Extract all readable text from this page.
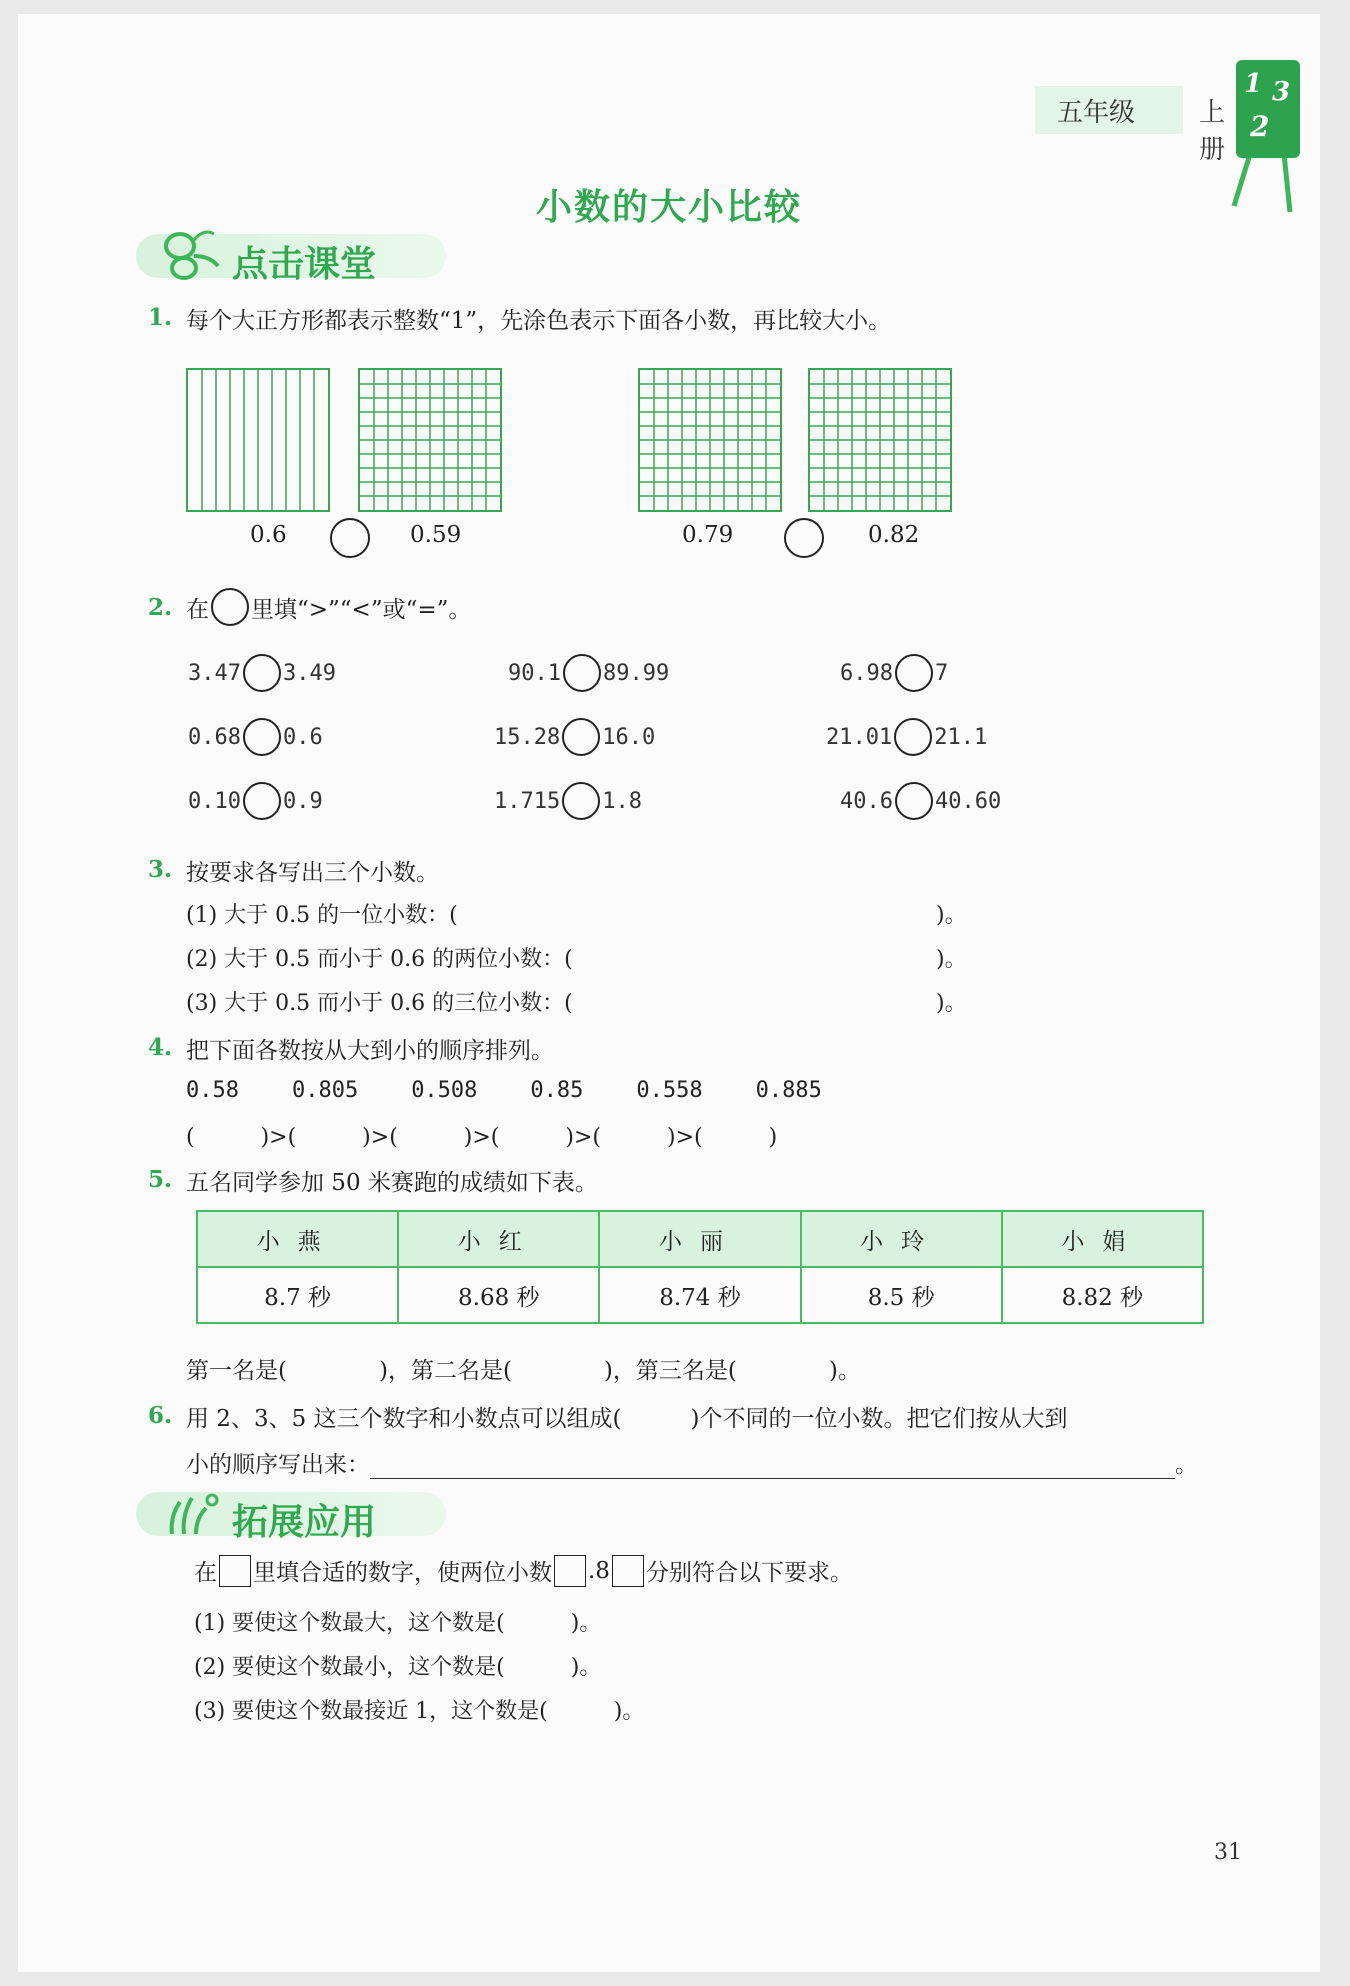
五年级 上册
1 3
2
小数的大小比较
点击课堂
1. 每个大正方形都表示整数“1”，先涂色表示下面各小数，再比较大小。
0.6	0.59	0.79	0.82
2. 在 里填“>”“<”或“=”。
3.47 3.49	90.1 89.99	6.98 7
0.68 0.6	15.28 16.0	21.01 21.1
0.10 0.9	1.715 1.8	40.6 40.60
3. 按要求各写出三个小数。
(1) 大于 0.5 的一位小数：(	)。
(2) 大于 0.5 而小于 0.6 的两位小数：(	)。
(3) 大于 0.5 而小于 0.6 的三位小数：(	)。
4. 把下面各数按从大到小的顺序排列。
0.58 0.805 0.508 0.85 0.558 0.885
(　　　)>(　　　)>(　　　)>(　　　)>(　　　)>(　　　)
5. 五名同学参加 50 米赛跑的成绩如下表。
小燕	小红	小丽	小玲	小娟
8.7 秒	8.68 秒	8.74 秒	8.5 秒	8.82 秒
第一名是(　　　　)，第二名是(　　　　)，第三名是(　　　　)。
6. 用 2、3、5 这三个数字和小数点可以组成(　　　)个不同的一位小数。把它们按从大到
小的顺序写出来：	。
拓展应用
在 里填合适的数字，使两位小数 .8 分别符合以下要求。
(1) 要使这个数最大，这个数是(　　　)。
(2) 要使这个数最小，这个数是(　　　)。
(3) 要使这个数最接近 1，这个数是(　　　)。
31
